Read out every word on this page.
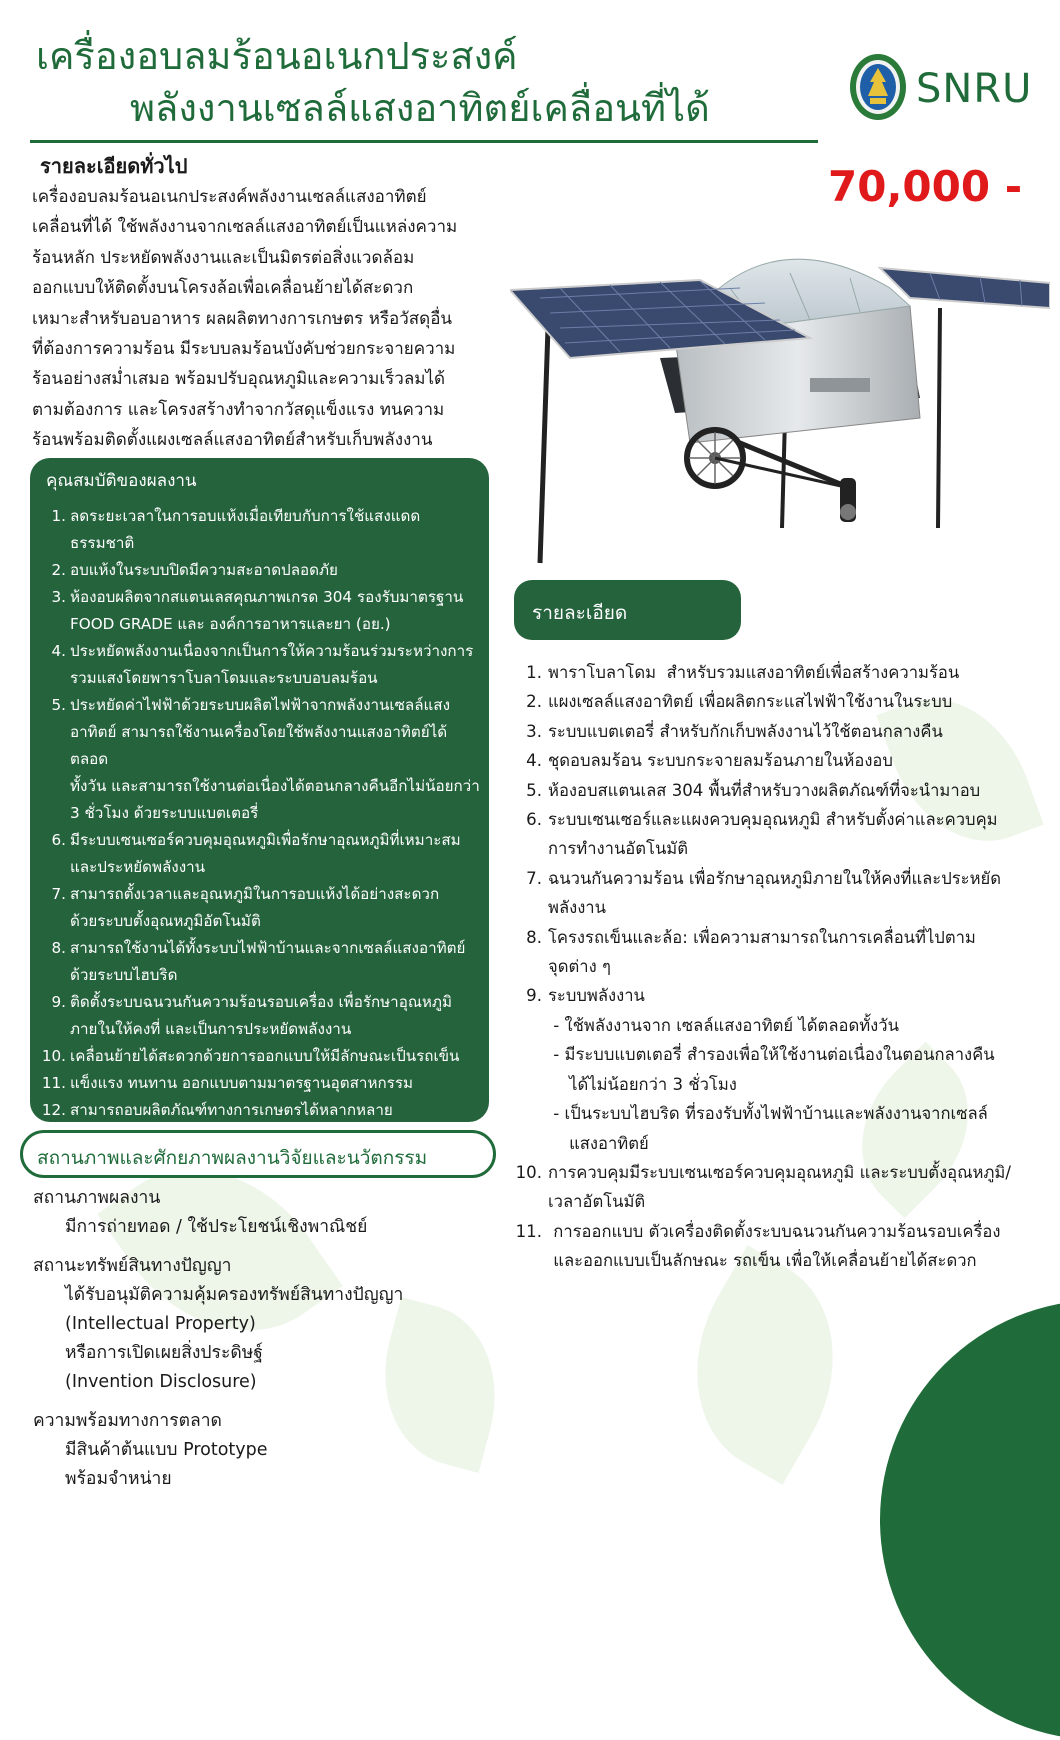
เครื่องอบลมร้อนอเนกประสงค์
พลังงานเซลล์แสงอาทิตย์เคลื่อนที่ได้	SNRU
70,000 -
รายละเอียดทั่วไป
เครื่องอบลมร้อนอเนกประสงค์พลังงานเซลล์แสงอาทิตย์
เคลื่อนที่ได้ ใช้พลังงานจากเซลล์แสงอาทิตย์เป็นแหล่งความ
ร้อนหลัก ประหยัดพลังงานและเป็นมิตรต่อสิ่งแวดล้อม
ออกแบบให้ติดตั้งบนโครงล้อเพื่อเคลื่อนย้ายได้สะดวก
เหมาะสำหรับอบอาหาร ผลผลิตทางการเกษตร หรือวัสดุอื่น
ที่ต้องการความร้อน มีระบบลมร้อนบังคับช่วยกระจายความ
ร้อนอย่างสม่ำเสมอ พร้อมปรับอุณหภูมิและความเร็วลมได้
ตามต้องการ และโครงสร้างทำจากวัสดุแข็งแรง ทนความ
ร้อนพร้อมติดตั้งแผงเซลล์แสงอาทิตย์สำหรับเก็บพลังงาน
คุณสมบัติของผลงาน
1. ลดระยะเวลาในการอบแห้งเมื่อเทียบกับการใช้แสงแดด
ธรรมชาติ
2. อบแห้งในระบบปิดมีความสะอาดปลอดภัย
3. ห้องอบผลิตจากสแตนเลสคุณภาพเกรด 304 รองรับมาตรฐาน
FOOD GRADE และ องค์การอาหารและยา (อย.)
4. ประหยัดพลังงานเนื่องจากเป็นการให้ความร้อนร่วมระหว่างการ
รวมแสงโดยพาราโบลาโดมและระบบอบลมร้อน
5. ประหยัดค่าไฟฟ้าด้วยระบบผลิตไฟฟ้าจากพลังงานเซลล์แสง
อาทิตย์ สามารถใช้งานเครื่องโดยใช้พลังงานแสงอาทิตย์ได้ตลอด
ทั้งวัน และสามารถใช้งานต่อเนื่องได้ตอนกลางคืนอีกไม่น้อยกว่า
3 ชั่วโมง ด้วยระบบแบตเตอรี่
6. มีระบบเซนเซอร์ควบคุมอุณหภูมิเพื่อรักษาอุณหภูมิที่เหมาะสม
และประหยัดพลังงาน
7. สามารถตั้งเวลาและอุณหภูมิในการอบแห้งได้อย่างสะดวก
ด้วยระบบตั้งอุณหภูมิอัตโนมัติ
8. สามารถใช้งานได้ทั้งระบบไฟฟ้าบ้านและจากเซลล์แสงอาทิตย์
ด้วยระบบไฮบริด
9. ติดตั้งระบบฉนวนกันความร้อนรอบเครื่อง เพื่อรักษาอุณหภูมิ
ภายในให้คงที่ และเป็นการประหยัดพลังงาน
10. เคลื่อนย้ายได้สะดวกด้วยการออกแบบให้มีลักษณะเป็นรถเข็น
11. แข็งแรง ทนทาน ออกแบบตามมาตรฐานอุตสาหกรรม
12. สามารถอบผลิตภัณฑ์ทางการเกษตรได้หลากหลาย
สถานภาพและศักยภาพผลงานวิจัยและนวัตกรรม
สถานภาพผลงาน
มีการถ่ายทอด / ใช้ประโยชน์เชิงพาณิชย์
สถานะทรัพย์สินทางปัญญา
ได้รับอนุมัติความคุ้มครองทรัพย์สินทางปัญญา
(Intellectual Property)
หรือการเปิดเผยสิ่งประดิษฐ์
(Invention Disclosure)
ความพร้อมทางการตลาด
มีสินค้าต้นแบบ Prototype
พร้อมจำหน่าย
รายละเอียด
1. พาราโบลาโดม  สำหรับรวมแสงอาทิตย์เพื่อสร้างความร้อน
2. แผงเซลล์แสงอาทิตย์ เพื่อผลิตกระแสไฟฟ้าใช้งานในระบบ
3. ระบบแบตเตอรี่ สำหรับกักเก็บพลังงานไว้ใช้ตอนกลางคืน
4. ชุดอบลมร้อน ระบบกระจายลมร้อนภายในห้องอบ
5. ห้องอบสแตนเลส 304 พื้นที่สำหรับวางผลิตภัณฑ์ที่จะนำมาอบ
6. ระบบเซนเซอร์และแผงควบคุมอุณหภูมิ สำหรับตั้งค่าและควบคุม
การทำงานอัตโนมัติ
7. ฉนวนกันความร้อน เพื่อรักษาอุณหภูมิภายในให้คงที่และประหยัด
พลังงาน
8. โครงรถเข็นและล้อ: เพื่อความสามารถในการเคลื่อนที่ไปตาม
จุดต่าง ๆ
9. ระบบพลังงาน
- ใช้พลังงานจาก เซลล์แสงอาทิตย์ ได้ตลอดทั้งวัน
- มีระบบแบตเตอรี่ สำรองเพื่อให้ใช้งานต่อเนื่องในตอนกลางคืน
ได้ไม่น้อยกว่า 3 ชั่วโมง
- เป็นระบบไฮบริด ที่รองรับทั้งไฟฟ้าบ้านและพลังงานจากเซลล์
แสงอาทิตย์
10. การควบคุมมีระบบเซนเซอร์ควบคุมอุณหภูมิ และระบบตั้งอุณหภูมิ/
เวลาอัตโนมัติ
11. การออกแบบ ตัวเครื่องติดตั้งระบบฉนวนกันความร้อนรอบเครื่อง
และออกแบบเป็นลักษณะ รถเข็น เพื่อให้เคลื่อนย้ายได้สะดวก
